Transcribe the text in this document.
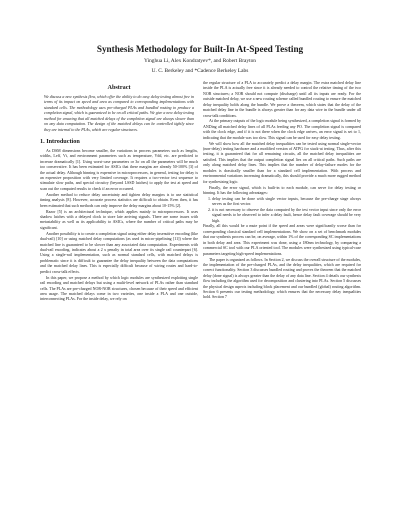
Synthesis Methodology for Built-In At-Speed Testing
Yinghua Li, Alex Kondratyev*, and Robert Brayton
U. C. Berkeley and *Cadence Berkeley Labs
Abstract
We discuss a new synthesis flow, which offer the ability to do easy delay testing almost free in terms of its impact on speed and area as compared to corresponding implementations with standard cells. The methodology uses pre-charged PLAs and bundled routing to produce a completion signal, which is guaranteed to be on all critical paths. We give a new delay testing method for ensuring that all matched delays of the completion signal are always slower than on any data computation. The design of the matched delays can be controlled tightly since they are internal to the PLAs, which are regular structures.
1. Introduction

As DSM dimensions become smaller, the variations in process parameters such as lengths, widths, Leff, Vt, and environment parameters such as temperature, Vdd, etc. are predicted to increase dramatically [1]. Using worst-case parameters or 3σ on all the parameters will be much too conservative. It has been estimated for ASICs that these margins are already 50-100% [3] of the actual delay. Although binning is expensive in microprocessors, in general, testing for delay is an expensive proposition with very limited coverage. It requires a two-vector test sequence to stimulate slow paths, and special circuitry (beyond LSSD latches) to apply the test at speed and scan out the computed results to check if an error occurred.

Another method to reduce delay uncertainty and tighten delay margins is to use statistical timing analysis [8]. However, accurate process statistics are difficult to obtain. Even then, it has been estimated that such methods can only improve the delay margins about 10-15% [2].

Razor [5] is an architectural technique, which applies mainly to microprocessors. It uses shadow latches with a delayed clock to store late arriving signals. There are some issues with metastability as well as its applicability to ASICs, where the number of critical paths may be significant.

Another possibility is to create a completion signal using either delay insensitive encoding (like dual-rail) [10] or using matched delay computations (as used in micro-pipelining [11]) where the matched line is guaranteed to be slower than any associated data computation. Experiments with dual-rail encoding, indicates about a 2 x penalty in total area over its single rail counterpart [6]. Using a single-rail implementation, such as normal standard cells, with matched delays is problematic since it is difficult to guarantee the delay inequality between the data computations and the matched delay lines. This is especially difficult because of wiring routes and hard-to-predict cross-talk effects.

In this paper, we propose a method by which logic modules are synthesized exploiting single rail encoding and matched delays but using a multi-level network of PLAs rather than standard cells. The PLAs are pre-charged NOR-NOR structures, chosen because of their speed and efficient area usage. The matched delays come in two varieties, one inside a PLA and one outside, interconnecting PLAs. For the inside delay, we rely on

the regular structure of a PLA to accurately predict a delay margin. The extra matched delay line inside the PLA is actually free since it is already needed to control the relative timing of the two NOR structures; a NOR should not compute (discharge) until all its inputs are ready. For the outside matched delay, we use a new routing scheme called bundled routing to ensure the matched delay inequality holds along the bundle. We prove a theorem, which states that the delay of the matched delay line in the bundle is always greater than for any data wire in the bundle under all cross-talk conditions.

At the primary outputs of the logic module being synthesized, a completion signal is formed by ANDing all matched delay lines of all PLAs feeding any PO. The completion signal is compared with the clock edge, and if it is not there when the clock edge arrives, an error signal is set to 1, indicating that the module was too slow. This signal can be used for easy delay testing.

We will show how all the matched delay inequalities can be tested using normal single-vector (non-delay) testing hardware and a modified version of ATPG for stuck-at testing. Thus, after this testing, it is guaranteed that for all remaining circuits, all the matched delay inequalities are satisfied. This implies that the output completion signal lies on all critical paths. Such paths are only along matched delay lines. This implies that the number of delay-failure modes for the modules is drastically smaller than for a standard cell implementation. With process and environmental variations increasing dramatically, this should provide a much more rugged method for synthesizing logic.

Finally, the error signal, which is built-in to each module, can serve for delay testing or binning. It has the following advantages:

1. delay testing can be done with single vector inputs, because the pre-charge stage always serves as the first vector.
2. it is not necessary to observe the data computed by the test vector input since only the error signal needs to be observed to infer a delay fault, hence delay fault coverage should be very high.

Finally, all this would be a mute point if the speed and areas were significantly worse than for corresponding classical standard cell implementations. We show on a set of benchmark modules that our synthesis process can be, on average, within 1% of the corresponding SC implementations in both delay and area. This experiment was done, using a 180nm technology, by comparing a commercial SC tool with our PLA oriented tool. The modules were synthesized using typical-case parameters targeting high-speed implementations.

The paper is organized as follows. In Section 2, we discuss the overall structure of the modules, the implementation of the pre-charged PLAs, and the delay inequalities, which are required for correct functionality. Section 3 discusses bundled routing and proves the theorem that the matched delay (done signal) is always greater than the delay of any data line. Section 4 details our synthesis flow including the algorithm used for decomposition and clustering into PLAs. Section 5 discusses the physical design aspects including block placement and our bundled (global) routing algorithm. Section 6 presents our testing methodology, which ensures that the necessary delay inequalities hold. Section 7
